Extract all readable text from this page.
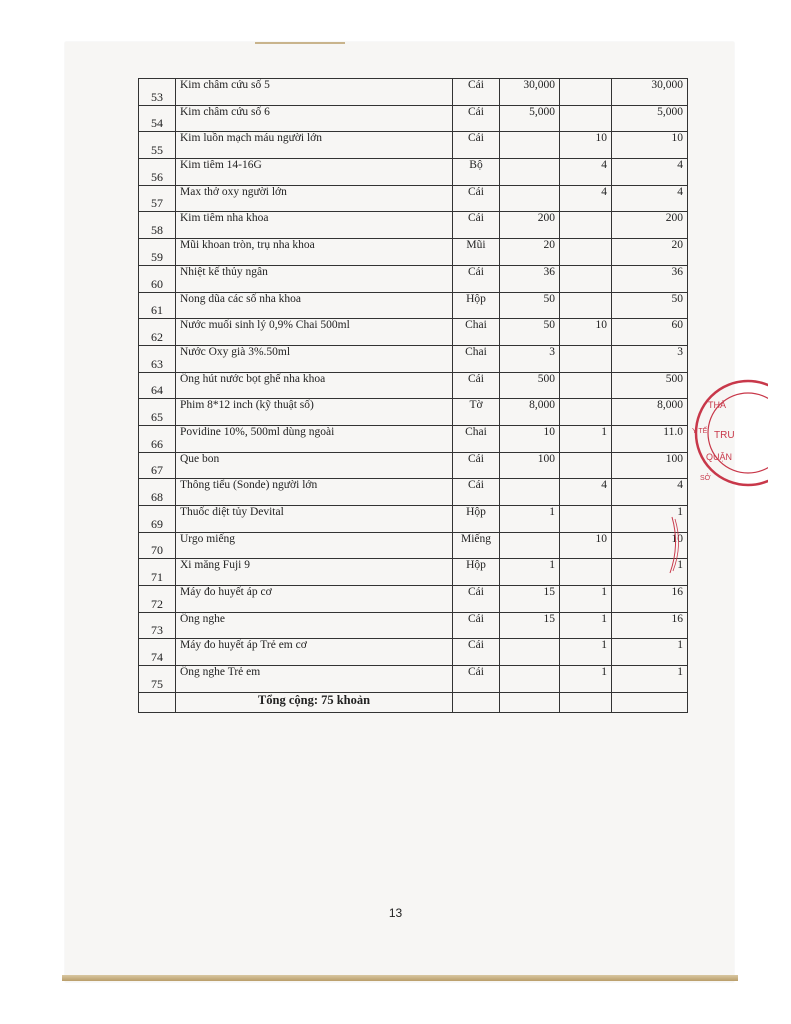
53	Kim châm cứu số 5	Cái	30,000		30,000
54	Kim châm cứu số 6	Cái	5,000		5,000
55	Kim luồn mạch máu người lớn	Cái		10	10
56	Kim tiêm 14-16G	Bộ		4	4
57	Max thở oxy người lớn	Cái		4	4
58	Kim tiêm nha khoa	Cái	200		200
59	Mũi khoan tròn, trụ nha khoa	Mũi	20		20
60	Nhiệt kế thủy ngân	Cái	36		36
61	Nong dũa các số nha khoa	Hộp	50		50
62	Nước muối sinh lý 0,9% Chai 500ml	Chai	50	10	60
63	Nước Oxy già 3%.50ml	Chai	3		3
64	Ống hút nước bọt ghế nha khoa	Cái	500		500
65	Phim 8*12 inch (kỹ thuật số)	Tờ	8,000		8,000
66	Povidine 10%, 500ml dùng ngoài	Chai	10	1	11.0
67	Que bon	Cái	100		100
68	Thông tiểu (Sonde) người lớn	Cái		4	4
69	Thuốc diệt tủy Devital	Hộp	1		1
70	Urgo miếng	Miếng		10	10
71	Xi măng Fuji 9	Hộp	1		1
72	Máy đo huyết áp cơ	Cái	15	1	16
73	Ống nghe	Cái	15	1	16
74	Máy đo huyết áp Trẻ em cơ	Cái		1	1
75	Ống nghe Trẻ em	Cái		1	1
	Tổng cộng: 75 khoản				
13
THÀ
TRU
QUẬN
Y TẾ
SỞ
